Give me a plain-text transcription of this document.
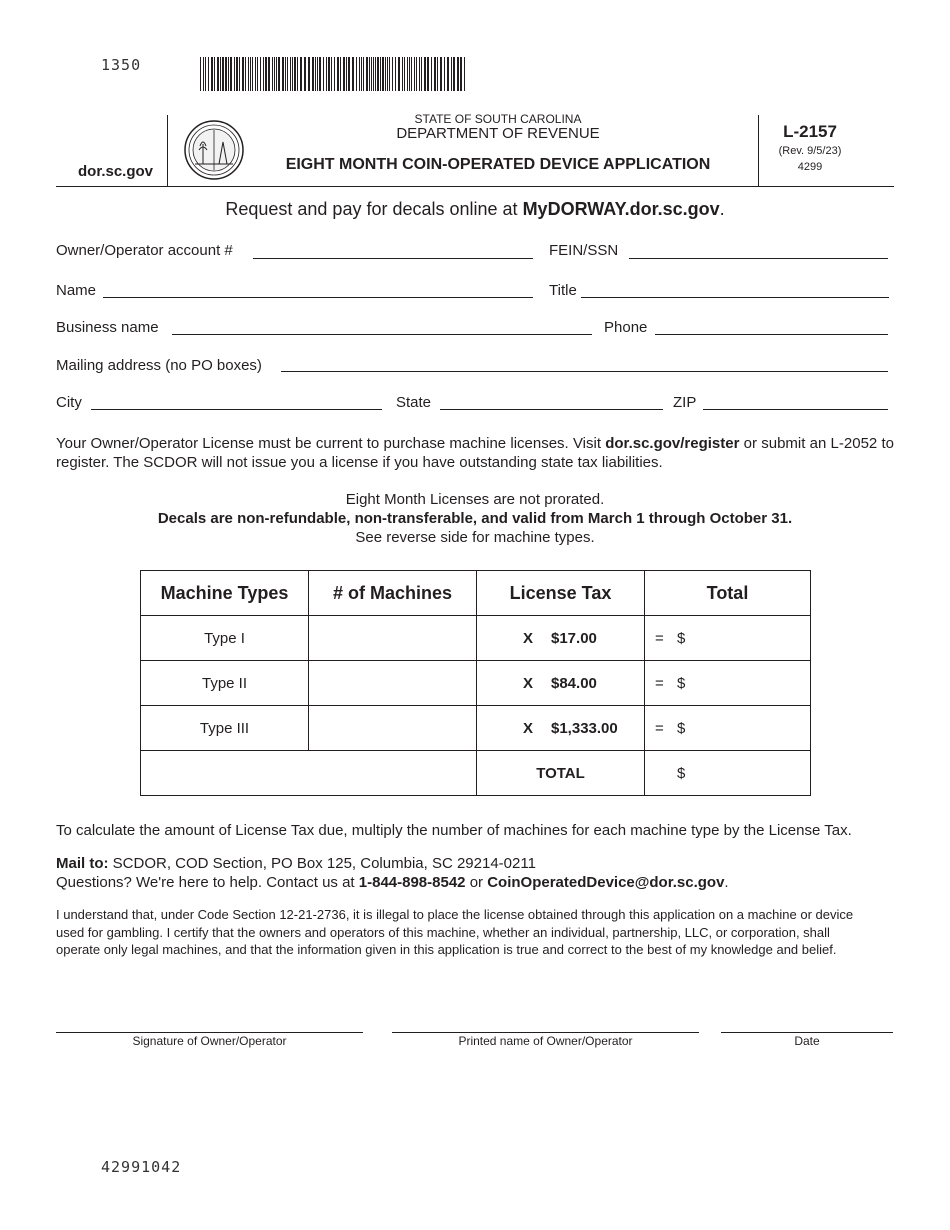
1350
dor.sc.gov
STATE OF SOUTH CAROLINA
DEPARTMENT OF REVENUE
EIGHT MONTH COIN-OPERATED DEVICE APPLICATION
L-2157
(Rev. 9/5/23)
4299
Request and pay for decals online at MyDORWAY.dor.sc.gov.
Owner/Operator account #	FEIN/SSN
Name	Title
Business name	Phone
Mailing address (no PO boxes)
City	State	ZIP
Your Owner/Operator License must be current to purchase machine licenses. Visit dor.sc.gov/register or submit an L-2052 to register. The SCDOR will not issue you a license if you have outstanding state tax liabilities.
Eight Month Licenses are not prorated.
Decals are non-refundable, non-transferable, and valid from March 1 through October 31.
See reverse side for machine types.
Machine Types	# of Machines	License Tax	Total
Type I		X $17.00	= $
Type II		X $84.00	= $
Type III		X $1,333.00	= $
		TOTAL	$
To calculate the amount of License Tax due, multiply the number of machines for each machine type by the License Tax.
Mail to: SCDOR, COD Section, PO Box 125, Columbia, SC 29214-0211
Questions? We're here to help. Contact us at 1-844-898-8542 or CoinOperatedDevice@dor.sc.gov.
I understand that, under Code Section 12-21-2736, it is illegal to place the license obtained through this application on a machine or device used for gambling. I certify that the owners and operators of this machine, whether an individual, partnership, LLC, or corporation, shall operate only legal machines, and that the information given in this application is true and correct to the best of my knowledge and belief.
Signature of Owner/Operator	Printed name of Owner/Operator	Date
42991042
